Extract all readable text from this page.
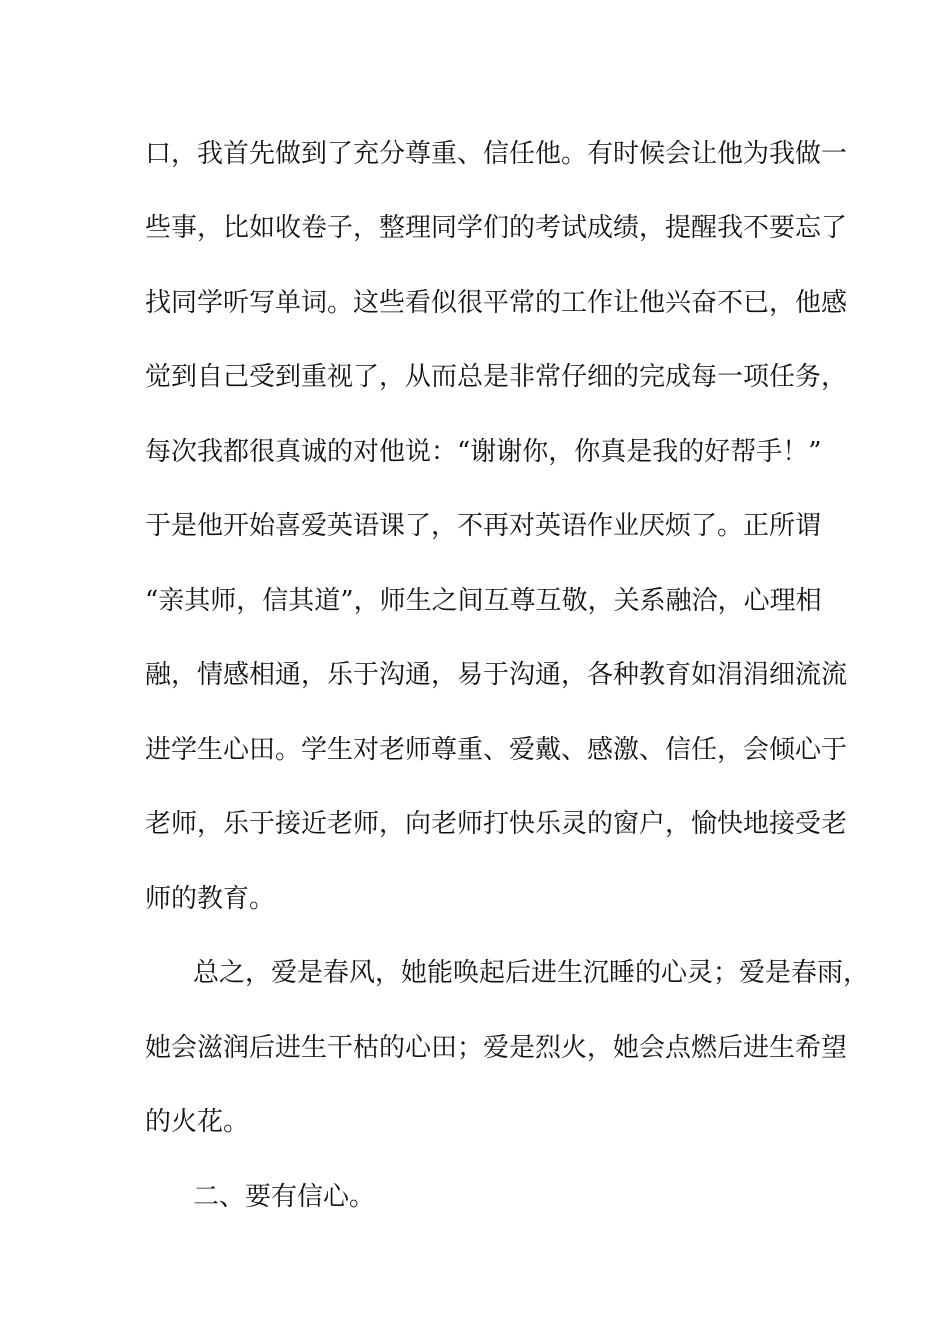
口，我首先做到了充分尊重、信任他。有时候会让他为我做一
些事，比如收卷子，整理同学们的考试成绩，提醒我不要忘了
找同学听写单词。这些看似很平常的工作让他兴奋不已，他感
觉到自己受到重视了，从而总是非常仔细的完成每一项任务，
每次我都很真诚的对他说：“谢谢你，你真是我的好帮手！”
于是他开始喜爱英语课了，不再对英语作业厌烦了。正所谓
“亲其师，信其道”，师生之间互尊互敬，关系融洽，心理相
融，情感相通，乐于沟通，易于沟通，各种教育如涓涓细流流
进学生心田。学生对老师尊重、爱戴、感激、信任，会倾心于
老师，乐于接近老师，向老师打快乐灵的窗户，愉快地接受老
师的教育。
总之，爱是春风，她能唤起后进生沉睡的心灵；爱是春雨，
她会滋润后进生干枯的心田；爱是烈火，她会点燃后进生希望
的火花。
二、要有信心。
